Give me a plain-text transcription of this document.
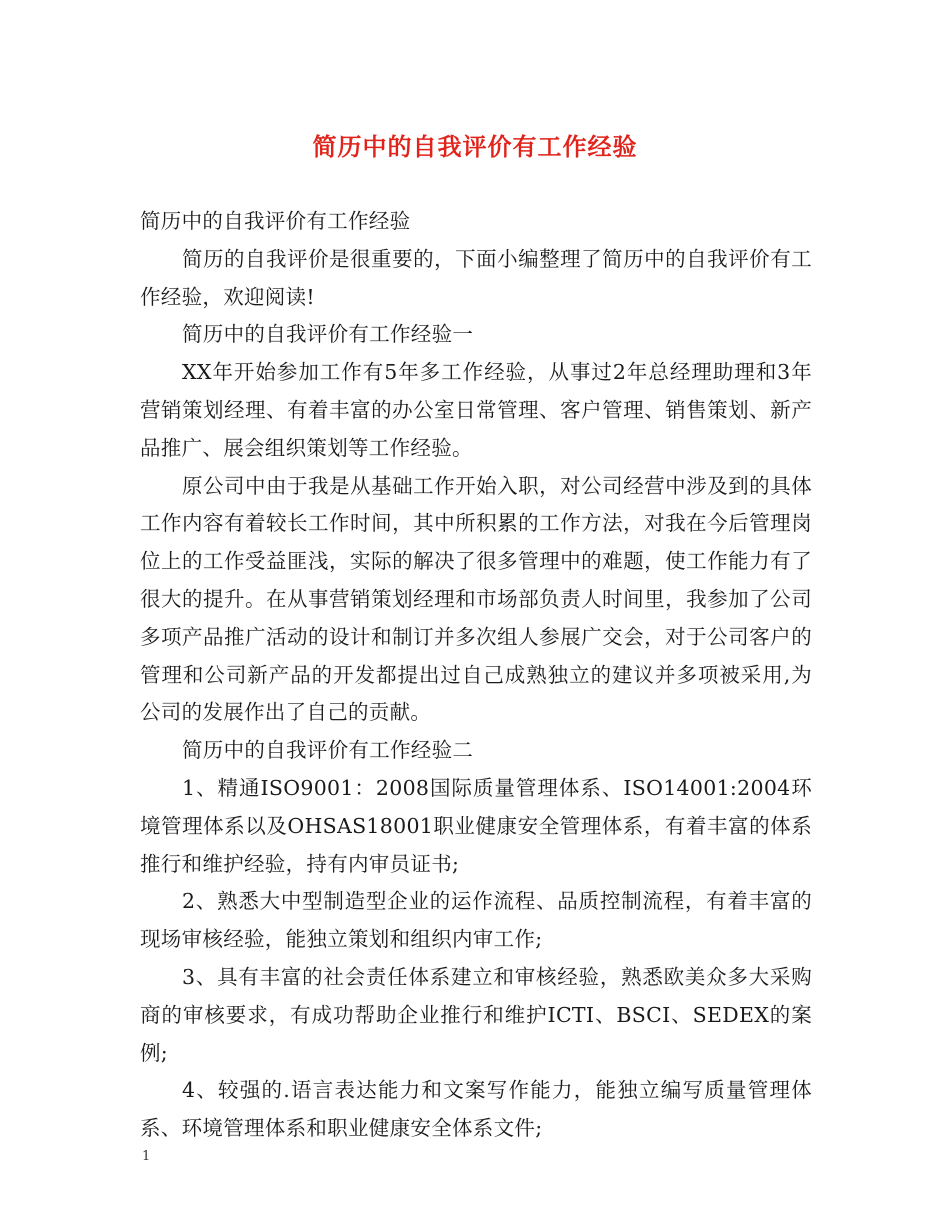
简历中的自我评价有工作经验

简历中的自我评价有工作经验

简历的自我评价是很重要的，下面小编整理了简历中的自我评价有工作经验，欢迎阅读!

简历中的自我评价有工作经验一

XX年开始参加工作有5年多工作经验，从事过2年总经理助理和3年营销策划经理、有着丰富的办公室日常管理、客户管理、销售策划、新产品推广、展会组织策划等工作经验。

原公司中由于我是从基础工作开始入职，对公司经营中涉及到的具体工作内容有着较长工作时间，其中所积累的工作方法，对我在今后管理岗位上的工作受益匪浅，实际的解决了很多管理中的难题，使工作能力有了很大的提升。在从事营销策划经理和市场部负责人时间里，我参加了公司多项产品推广活动的设计和制订并多次组人参展广交会，对于公司客户的管理和公司新产品的开发都提出过自己成熟独立的建议并多项被采用,为公司的发展作出了自己的贡献。

简历中的自我评价有工作经验二

1、精通ISO9001：2008国际质量管理体系、ISO14001:2004环境管理体系以及OHSAS18001职业健康安全管理体系，有着丰富的体系推行和维护经验，持有内审员证书;

2、熟悉大中型制造型企业的运作流程、品质控制流程，有着丰富的现场审核经验，能独立策划和组织内审工作;

3、具有丰富的社会责任体系建立和审核经验，熟悉欧美众多大采购商的审核要求，有成功帮助企业推行和维护ICTI、BSCI、SEDEX的案例;

4、较强的.语言表达能力和文案写作能力，能独立编写质量管理体系、环境管理体系和职业健康安全体系文件;

1
